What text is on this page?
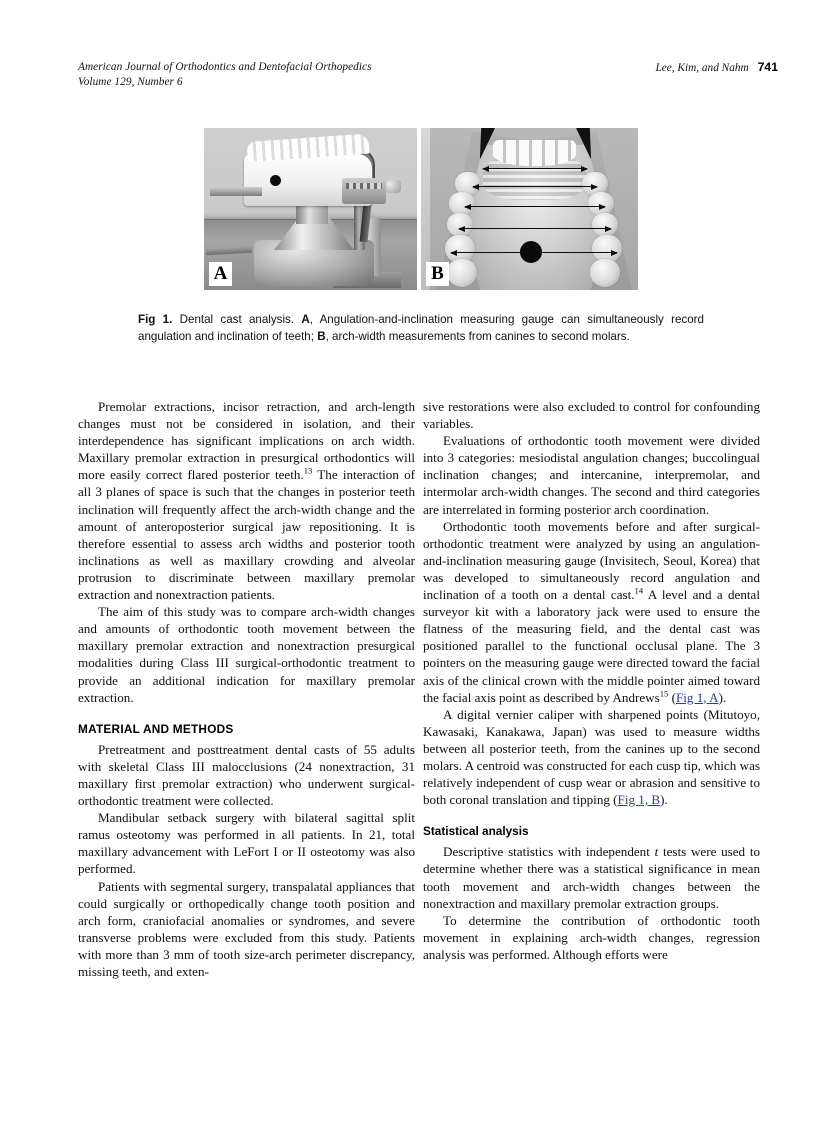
American Journal of Orthodontics and Dentofacial Orthopedics
Volume 129, Number 6
Lee, Kim, and Nahm 741
A	B
Fig 1. Dental cast analysis. A, Angulation-and-inclination measuring gauge can simultaneously record angulation and inclination of teeth; B, arch-width measurements from canines to second molars.

Premolar extractions, incisor retraction, and arch-length changes must not be considered in isolation, and their interdependence has significant implications on arch width. Maxillary premolar extraction in presurgical orthodontics will more easily correct flared posterior teeth.$^{13}$ The interaction of all 3 planes of space is such that the changes in posterior teeth inclination will frequently affect the arch-width change and the amount of anteroposterior surgical jaw repositioning. It is therefore essential to assess arch widths and posterior tooth inclinations as well as maxillary crowding and alveolar protrusion to discriminate between maxillary premolar extraction and nonextraction patients.

The aim of this study was to compare arch-width changes and amounts of orthodontic tooth movement between the maxillary premolar extraction and nonextraction presurgical modalities during Class III surgical-orthodontic treatment to provide an additional indication for maxillary premolar extraction.

MATERIAL AND METHODS

Pretreatment and posttreatment dental casts of 55 adults with skeletal Class III malocclusions (24 nonextraction, 31 maxillary first premolar extraction) who underwent surgical-orthodontic treatment were collected.

Mandibular setback surgery with bilateral sagittal split ramus osteotomy was performed in all patients. In 21, total maxillary advancement with LeFort I or II osteotomy was also performed.

Patients with segmental surgery, transpalatal appliances that could surgically or orthopedically change tooth position and arch form, craniofacial anomalies or syndromes, and severe transverse problems were excluded from this study. Patients with more than 3 mm of tooth size-arch perimeter discrepancy, missing teeth, and exten-

sive restorations were also excluded to control for confounding variables.

Evaluations of orthodontic tooth movement were divided into 3 categories: mesiodistal angulation changes; buccolingual inclination changes; and intercanine, interpremolar, and intermolar arch-width changes. The second and third categories are interrelated in forming posterior arch coordination.

Orthodontic tooth movements before and after surgical-orthodontic treatment were analyzed by using an angulation-and-inclination measuring gauge (Invisitech, Seoul, Korea) that was developed to simultaneously record angulation and inclination of a tooth on a dental cast.$^{14}$ A level and a dental surveyor kit with a laboratory jack were used to ensure the flatness of the measuring field, and the dental cast was positioned parallel to the functional occlusal plane. The 3 pointers on the measuring gauge were directed toward the facial axis of the clinical crown with the middle pointer aimed toward the facial axis point as described by Andrews$^{15}$ (Fig 1, A).

A digital vernier caliper with sharpened points (Mitutoyo, Kawasaki, Kanakawa, Japan) was used to measure widths between all posterior teeth, from the canines up to the second molars. A centroid was constructed for each cusp tip, which was relatively independent of cusp wear or abrasion and sensitive to both coronal translation and tipping (Fig 1, B).

Statistical analysis

Descriptive statistics with independent t tests were used to determine whether there was a statistical significance in mean tooth movement and arch-width changes between the nonextraction and maxillary premolar extraction groups.

To determine the contribution of orthodontic tooth movement in explaining arch-width changes, regression analysis was performed. Although efforts were
